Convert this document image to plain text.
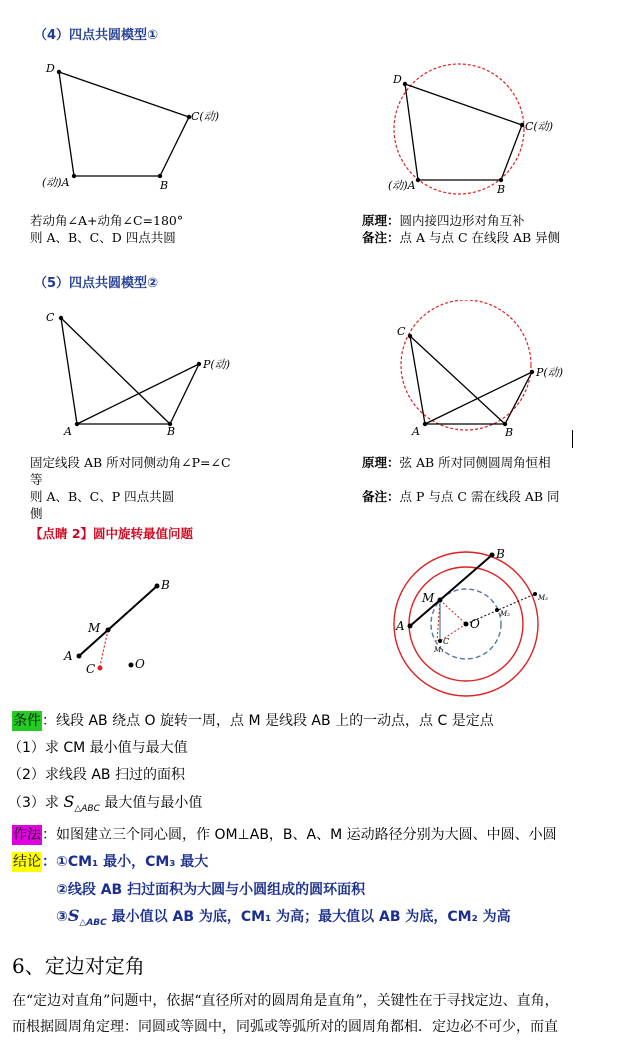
（4）四点共圆模型①
D
C(动)
(动)A	B
D
C(动)
(动)A	B
若动角∠A+动角∠C=180°
则 A、B、C、D 四点共圆
原理：圆内接四边形对角互补
备注：点 A 与点 C 在线段 AB 异侧
（5）四点共圆模型②
C
P(动)
A	B
C
P(动)
A	B
固定线段 AB 所对同侧动角∠P=∠C
等
则 A、B、C、P 四点共圆
侧
原理：弦 AB 所对同侧圆周角恒相
备注：点 P 与点 C 需在线段 AB 同
【点睛 2】圆中旋转最值问题
B
M
A
C	O
B
M
A	O
C
M₁
M₂
M₃
条件：线段 AB 绕点 O 旋转一周，点 M 是线段 AB 上的一动点，点 C 是定点
（1）求 CM 最小值与最大值
（2）求线段 AB 扫过的面积
（3）求 $S_{\triangle ABC}$ 最大值与最小值
作法：如图建立三个同心圆，作 OM⊥AB，B、A、M 运动路径分别为大圆、中圆、小圆
结论：①CM₁ 最小，CM₃ 最大
②线段 AB 扫过面积为大圆与小圆组成的圆环面积
$③S_{\triangle ABC}$ 最小值以 AB 为底，CM₁ 为高；最大值以 AB 为底，CM₂ 为高
6、定边对定角
在“定边对直角”问题中，依据“直径所对的圆周角是直角”，关键性在于寻找定边、直角，
而根据圆周角定理：同圆或等圆中，同弧或等弧所对的圆周角都相．定边必不可少，而直
